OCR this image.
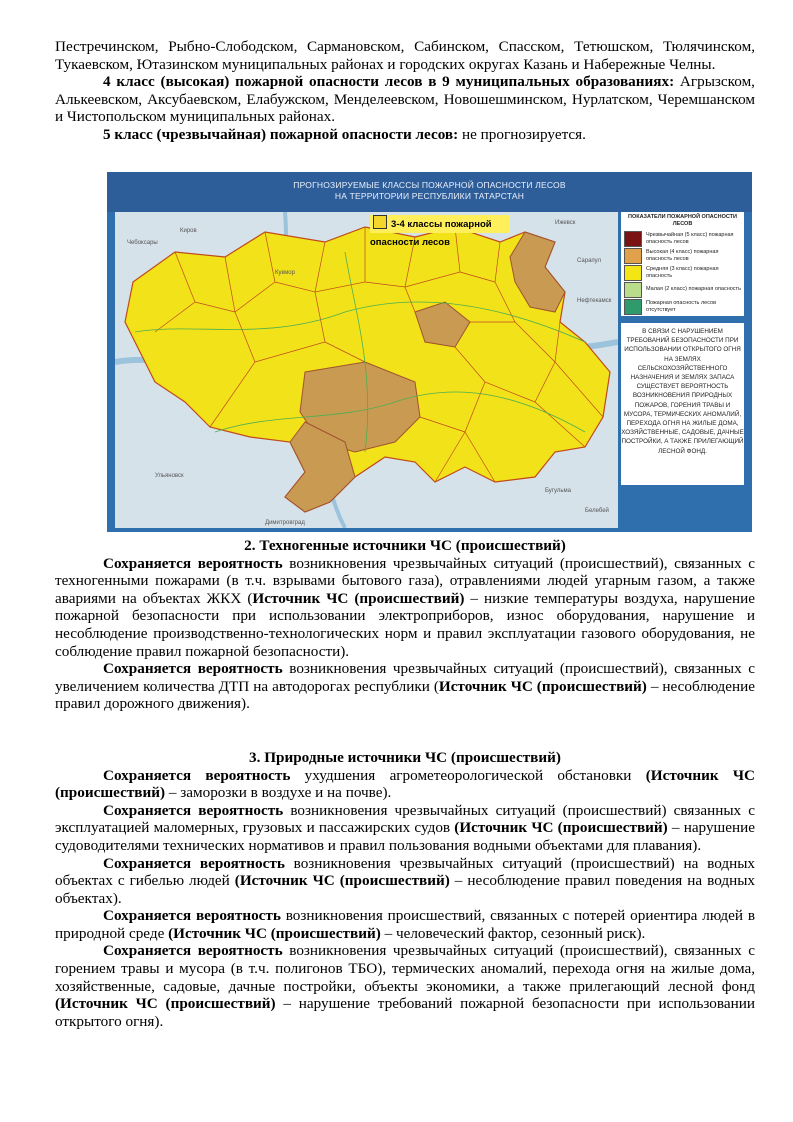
Пестречинском, Рыбно-Слободском, Сармановском, Сабинском, Спасском, Тетюшском, Тюлячинском, Тукаевском, Ютазинском муниципальных районах и городских округах Казань и Набережные Челны.

4 класс (высокая) пожарной опасности лесов в 9 муниципальных образованиях: Агрызском, Алькеевском, Аксубаевском, Елабужском, Менделеевском, Новошешминском, Нурлатском, Черемшанском и Чистопольском муниципальных районах.

5 класс (чрезвычайная) пожарной опасности лесов: не прогнозируется.

ПРОГНОЗИРУЕМЫЕ КЛАССЫ ПОЖАРНОЙ ОПАСНОСТИ ЛЕСОВ
НА ТЕРРИТОРИИ РЕСПУБЛИКИ ТАТАРСТАН
Киров
Ижевск
Сарапул
Чебоксары
Ульяновск
Димитровград
Бугульма
Белебей
Кукмор
Нефтекамск
3-4 классы пожарной опасности лесов
ПОКАЗАТЕЛИ ПОЖАРНОЙ ОПАСНОСТИ ЛЕСОВ
Чрезвычайная (5 класс) пожарная опасность лесов
Высокая (4 класс) пожарная опасность лесов
Средняя (3 класс) пожарная опасность
Малая (2 класс) пожарная опасность
Пожарная опасность лесов отсутствует
В СВЯЗИ С НАРУШЕНИЕМ ТРЕБОВАНИЙ БЕЗОПАСНОСТИ ПРИ ИСПОЛЬЗОВАНИИ ОТКРЫТОГО ОГНЯ НА ЗЕМЛЯХ СЕЛЬСКОХОЗЯЙСТВЕННОГО НАЗНАЧЕНИЯ И ЗЕМЛЯХ ЗАПАСА СУЩЕСТВУЕТ ВЕРОЯТНОСТЬ ВОЗНИКНОВЕНИЯ ПРИРОДНЫХ ПОЖАРОВ, ГОРЕНИЯ ТРАВЫ И МУСОРА, ТЕРМИЧЕСКИХ АНОМАЛИЙ, ПЕРЕХОДА ОГНЯ НА ЖИЛЫЕ ДОМА, ХОЗЯЙСТВЕННЫЕ, САДОВЫЕ, ДАЧНЫЕ ПОСТРОЙКИ, А ТАКЖЕ ПРИЛЕГАЮЩИЙ ЛЕСНОЙ ФОНД.

2. Техногенные источники ЧС (происшествий)

Сохраняется вероятность возникновения чрезвычайных ситуаций (происшествий), связанных с техногенными пожарами (в т.ч. взрывами бытового газа), отравлениями людей угарным газом, а также авариями на объектах ЖКХ (Источник ЧС (происшествий) – низкие температуры воздуха, нарушение пожарной безопасности при использовании электроприборов, износ оборудования, нарушение и несоблюдение производственно-технологических норм и правил эксплуатации газового оборудования, не соблюдение правил пожарной безопасности).

Сохраняется вероятность возникновения чрезвычайных ситуаций (происшествий), связанных с увеличением количества ДТП на автодорогах республики (Источник ЧС (происшествий) – несоблюдение правил дорожного движения).

3. Природные источники ЧС (происшествий)

Сохраняется вероятность ухудшения агрометеорологической обстановки (Источник ЧС (происшествий) – заморозки в воздухе и на почве).

Сохраняется вероятность возникновения чрезвычайных ситуаций (происшествий) связанных с эксплуатацией маломерных, грузовых и пассажирских судов (Источник ЧС (происшествий) – нарушение судоводителями технических нормативов и правил пользования водными объектами для плавания).

Сохраняется вероятность возникновения чрезвычайных ситуаций (происшествий) на водных объектах с гибелью людей (Источник ЧС (происшествий) – несоблюдение правил поведения на водных объектах).

Сохраняется вероятность возникновения происшествий, связанных с потерей ориентира людей в природной среде (Источник ЧС (происшествий) – человеческий фактор, сезонный риск).

Сохраняется вероятность возникновения чрезвычайных ситуаций (происшествий), связанных с горением травы и мусора (в т.ч. полигонов ТБО), термических аномалий, перехода огня на жилые дома, хозяйственные, садовые, дачные постройки, объекты экономики, а также прилегающий лесной фонд (Источник ЧС (происшествий) – нарушение требований пожарной безопасности при использовании открытого огня).
